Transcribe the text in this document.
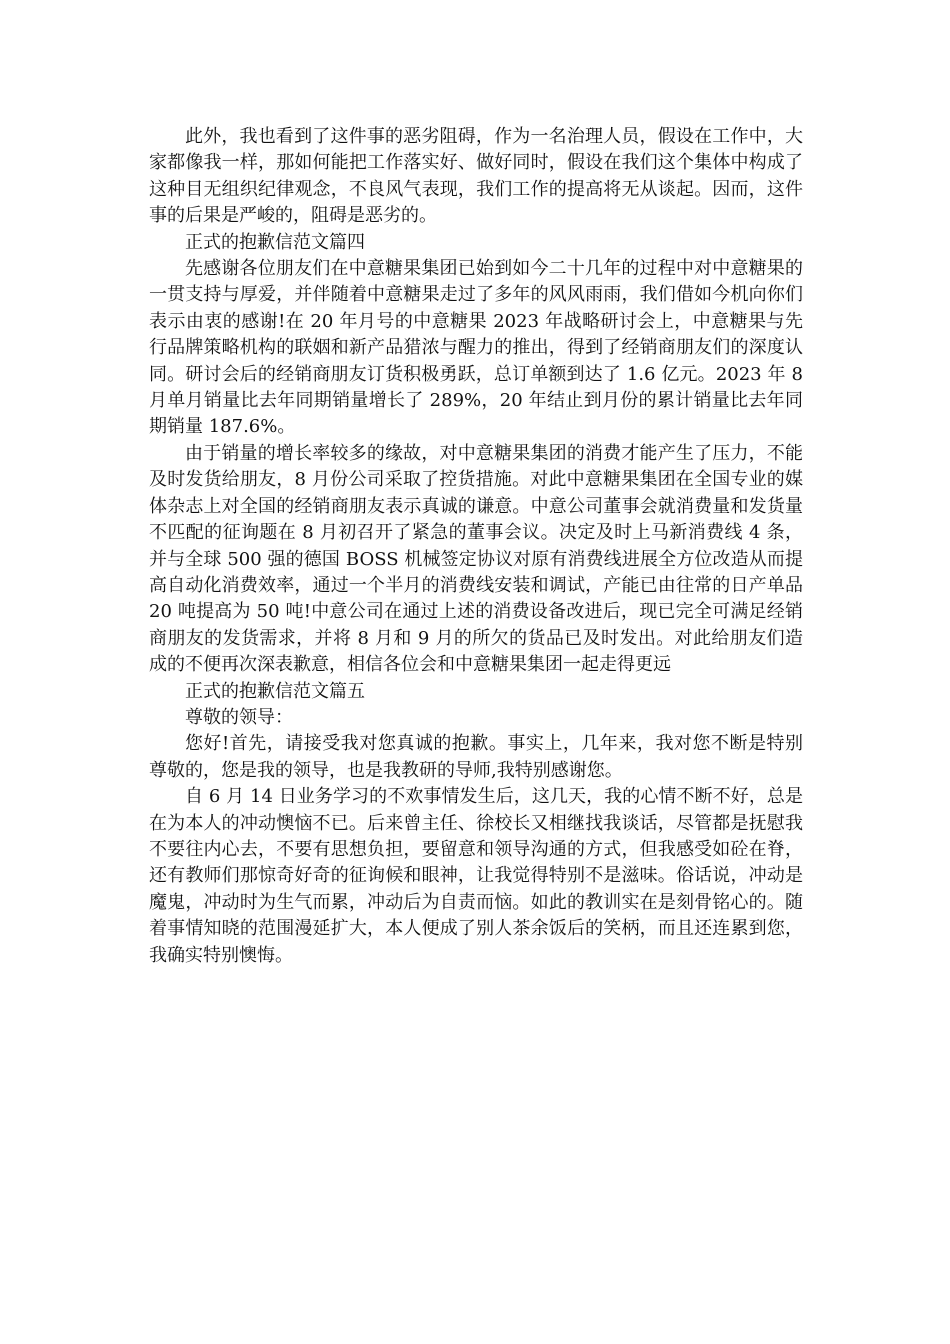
此外，我也看到了这件事的恶劣阻碍，作为一名治理人员，假设在工作中，大家都像我一样，那如何能把工作落实好、做好同时，假设在我们这个集体中构成了这种目无组织纪律观念，不良风气表现，我们工作的提高将无从谈起。因而，这件事的后果是严峻的，阻碍是恶劣的。

正式的抱歉信范文篇四

先感谢各位朋友们在中意糖果集团已始到如今二十几年的过程中对中意糖果的一贯支持与厚爱，并伴随着中意糖果走过了多年的风风雨雨，我们借如今机向你们表示由衷的感谢!在 20 年月号的中意糖果 2023 年战略研讨会上，中意糖果与先行品牌策略机构的联姻和新产品猎浓与醒力的推出，得到了经销商朋友们的深度认同。研讨会后的经销商朋友订货积极勇跃，总订单额到达了 1.6 亿元。2023 年 8 月单月销量比去年同期销量增长了 289%，20 年结止到月份的累计销量比去年同期销量 187.6%。

由于销量的增长率较多的缘故，对中意糖果集团的消费才能产生了压力，不能及时发货给朋友，8 月份公司采取了控货措施。对此中意糖果集团在全国专业的媒体杂志上对全国的经销商朋友表示真诚的谦意。中意公司董事会就消费量和发货量不匹配的征询题在 8 月初召开了紧急的董事会议。决定及时上马新消费线 4 条，并与全球 500 强的德国 BOSS 机械签定协议对原有消费线进展全方位改造从而提高自动化消费效率，通过一个半月的消费线安装和调试，产能已由往常的日产单品 20 吨提高为 50 吨!中意公司在通过上述的消费设备改进后，现已完全可满足经销商朋友的发货需求，并将 8 月和 9 月的所欠的货品已及时发出。对此给朋友们造成的不便再次深表歉意，相信各位会和中意糖果集团一起走得更远

正式的抱歉信范文篇五

尊敬的领导：

您好!首先，请接受我对您真诚的抱歉。事实上，几年来，我对您不断是特别尊敬的，您是我的领导，也是我教研的导师,我特别感谢您。

自 6 月 14 日业务学习的不欢事情发生后，这几天，我的心情不断不好，总是在为本人的冲动懊恼不已。后来曾主任、徐校长又相继找我谈话，尽管都是抚慰我不要往内心去，不要有思想负担，要留意和领导沟通的方式，但我感受如砼在脊，还有教师们那惊奇好奇的征询候和眼神，让我觉得特别不是滋味。俗话说，冲动是魔鬼，冲动时为生气而累，冲动后为自责而恼。如此的教训实在是刻骨铭心的。随着事情知晓的范围漫延扩大，本人便成了别人茶余饭后的笑柄，而且还连累到您，我确实特别懊悔。
